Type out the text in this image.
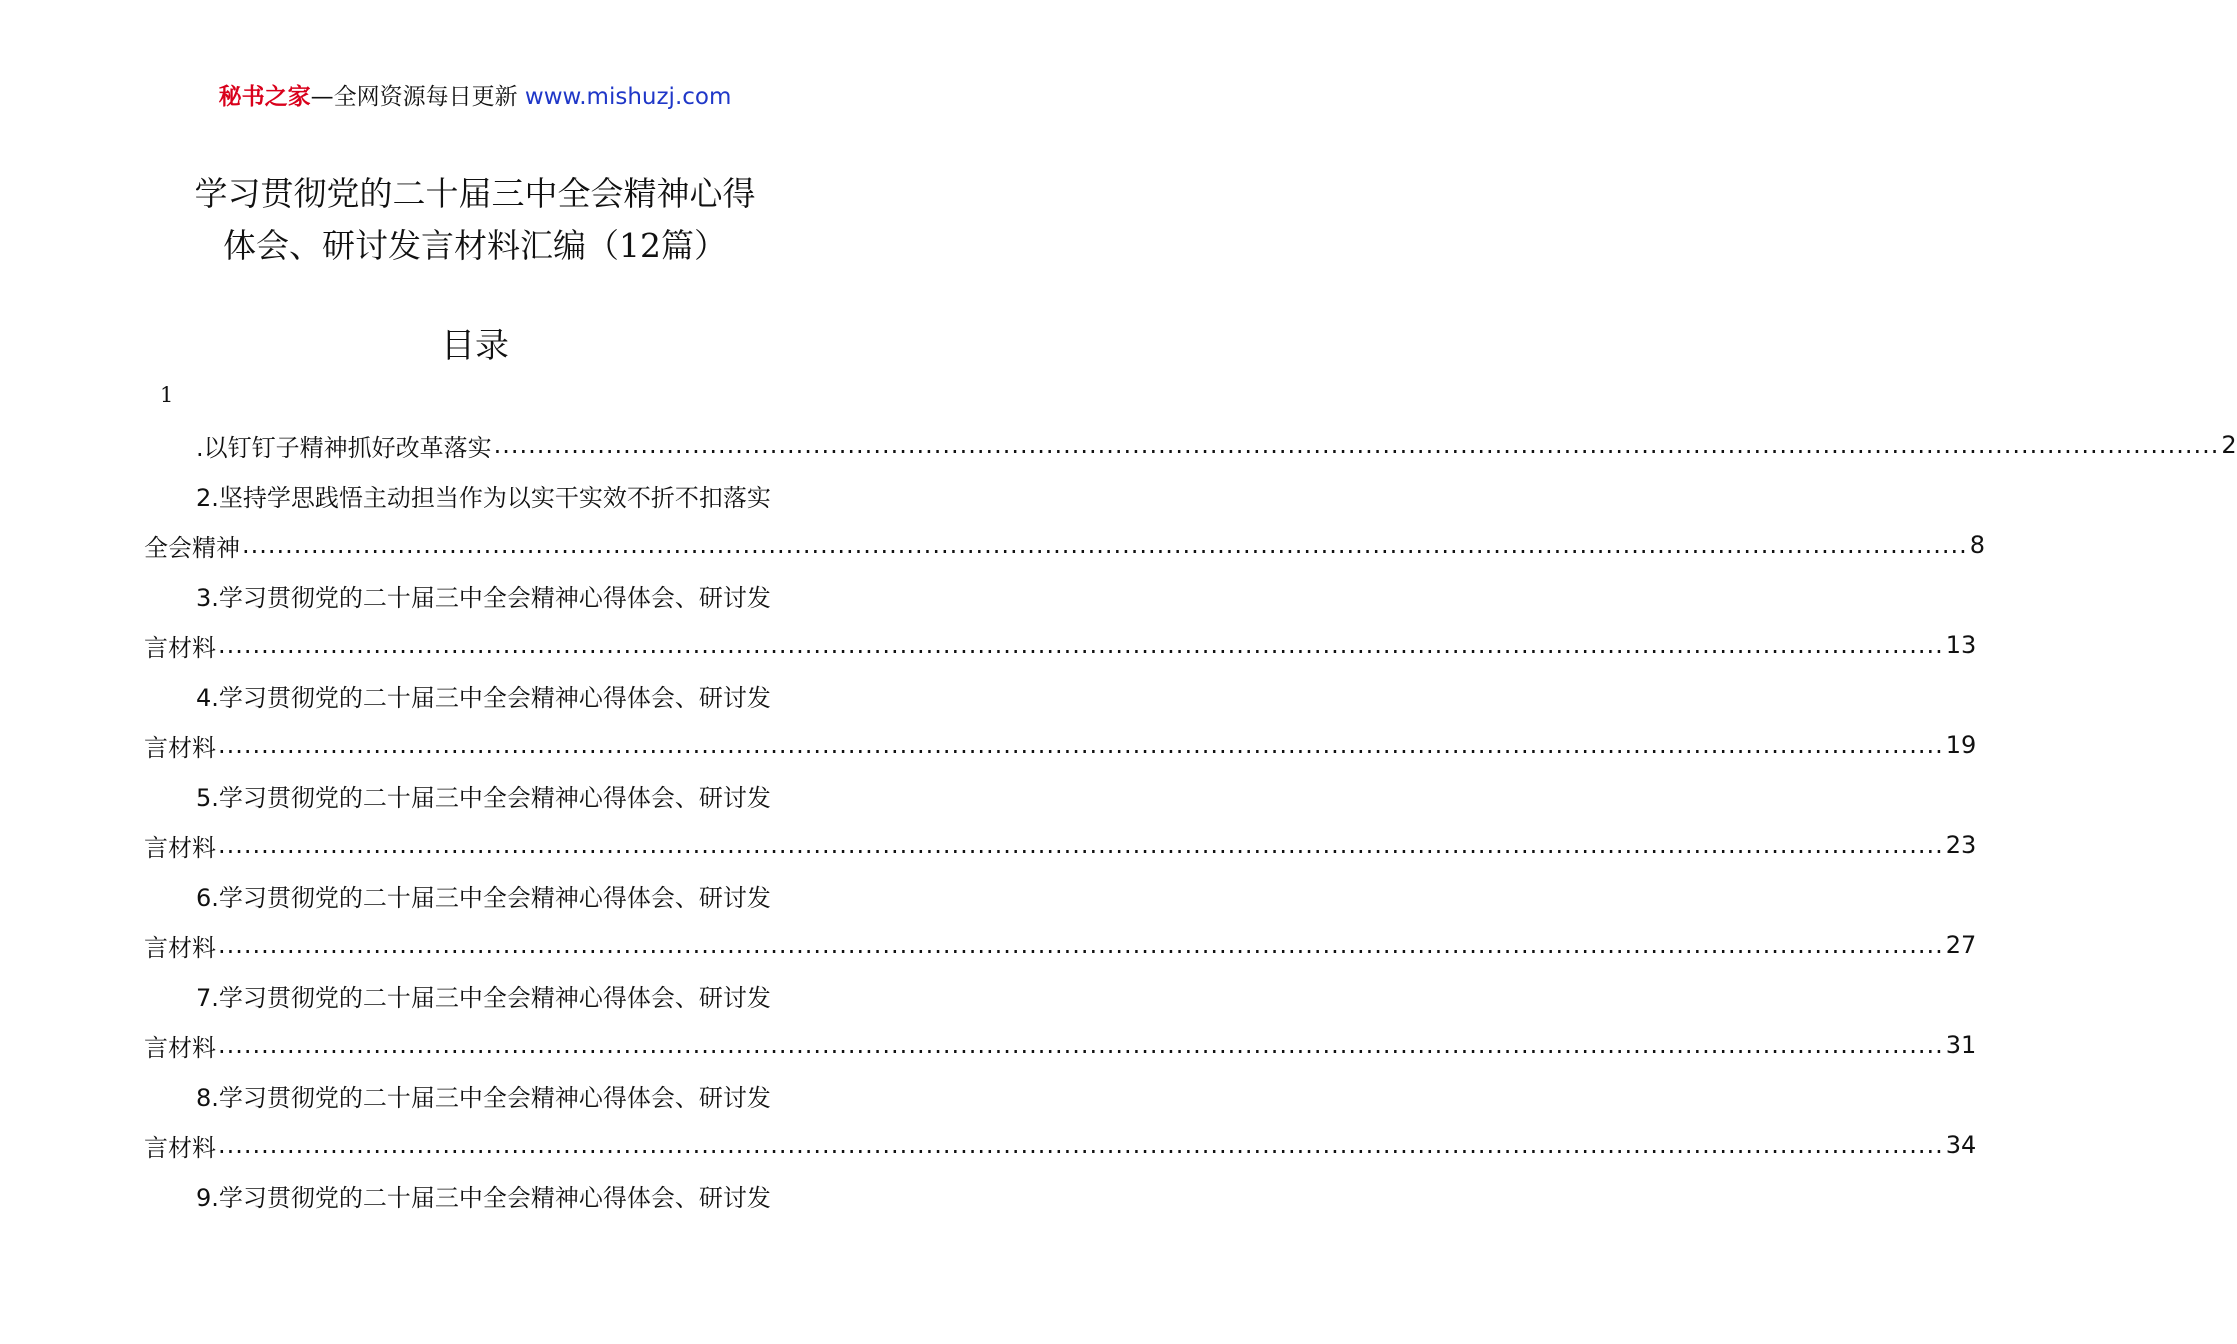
秘书之家—全网资源每日更新 www.mishuzj.com
学习贯彻党的二十届三中全会精神心得
体会、研讨发言材料汇编（12篇）
目录
1
.以钉钉子精神抓好改革落实 ........................................................................................................................................................................................................ 2
2.坚持学思践悟主动担当作为以实干实效不折不扣落实
全会精神 ........................................................................................................................................................................................................ 8
3.学习贯彻党的二十届三中全会精神心得体会、研讨发
言材料 ........................................................................................................................................................................................................ 13
4.学习贯彻党的二十届三中全会精神心得体会、研讨发
言材料 ........................................................................................................................................................................................................ 19
5.学习贯彻党的二十届三中全会精神心得体会、研讨发
言材料 ........................................................................................................................................................................................................ 23
6.学习贯彻党的二十届三中全会精神心得体会、研讨发
言材料 ........................................................................................................................................................................................................ 27
7.学习贯彻党的二十届三中全会精神心得体会、研讨发
言材料 ........................................................................................................................................................................................................ 31
8.学习贯彻党的二十届三中全会精神心得体会、研讨发
言材料 ........................................................................................................................................................................................................ 34
9.学习贯彻党的二十届三中全会精神心得体会、研讨发
